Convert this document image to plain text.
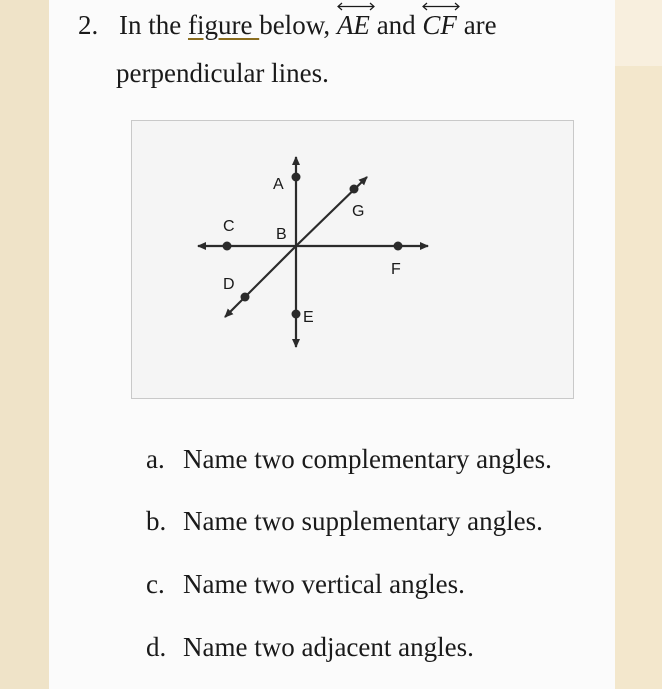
2. In the figure below, AE and CF are
perpendicular lines.
A
G
C	B
F
D
E
a. Name two complementary angles.
b. Name two supplementary angles.
c. Name two vertical angles.
d. Name two adjacent angles.
